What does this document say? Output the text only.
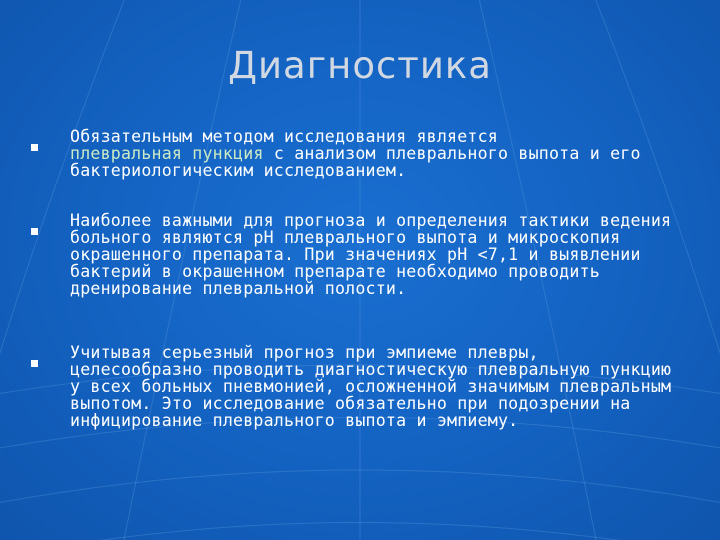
Диагностика

Обязательным методом исследования является
плевральная пункция с анализом плеврального выпота и его бактериологическим исследованием.

Наиболее важными для прогноза и определения тактики ведения больного являются рН плеврального выпота и микроскопия окрашенного препарата. При значениях рН <7,1 и выявлении бактерий в окрашенном препарате необходимо проводить дренирование плевральной полости.

Учитывая серьезный прогноз при эмпиеме плевры, целесообразно проводить диагностическую плевральную пункцию у всех больных пневмонией, осложненной значимым плевральным выпотом. Это исследование обязательно при подозрении на инфицирование плеврального выпота и эмпиему.
